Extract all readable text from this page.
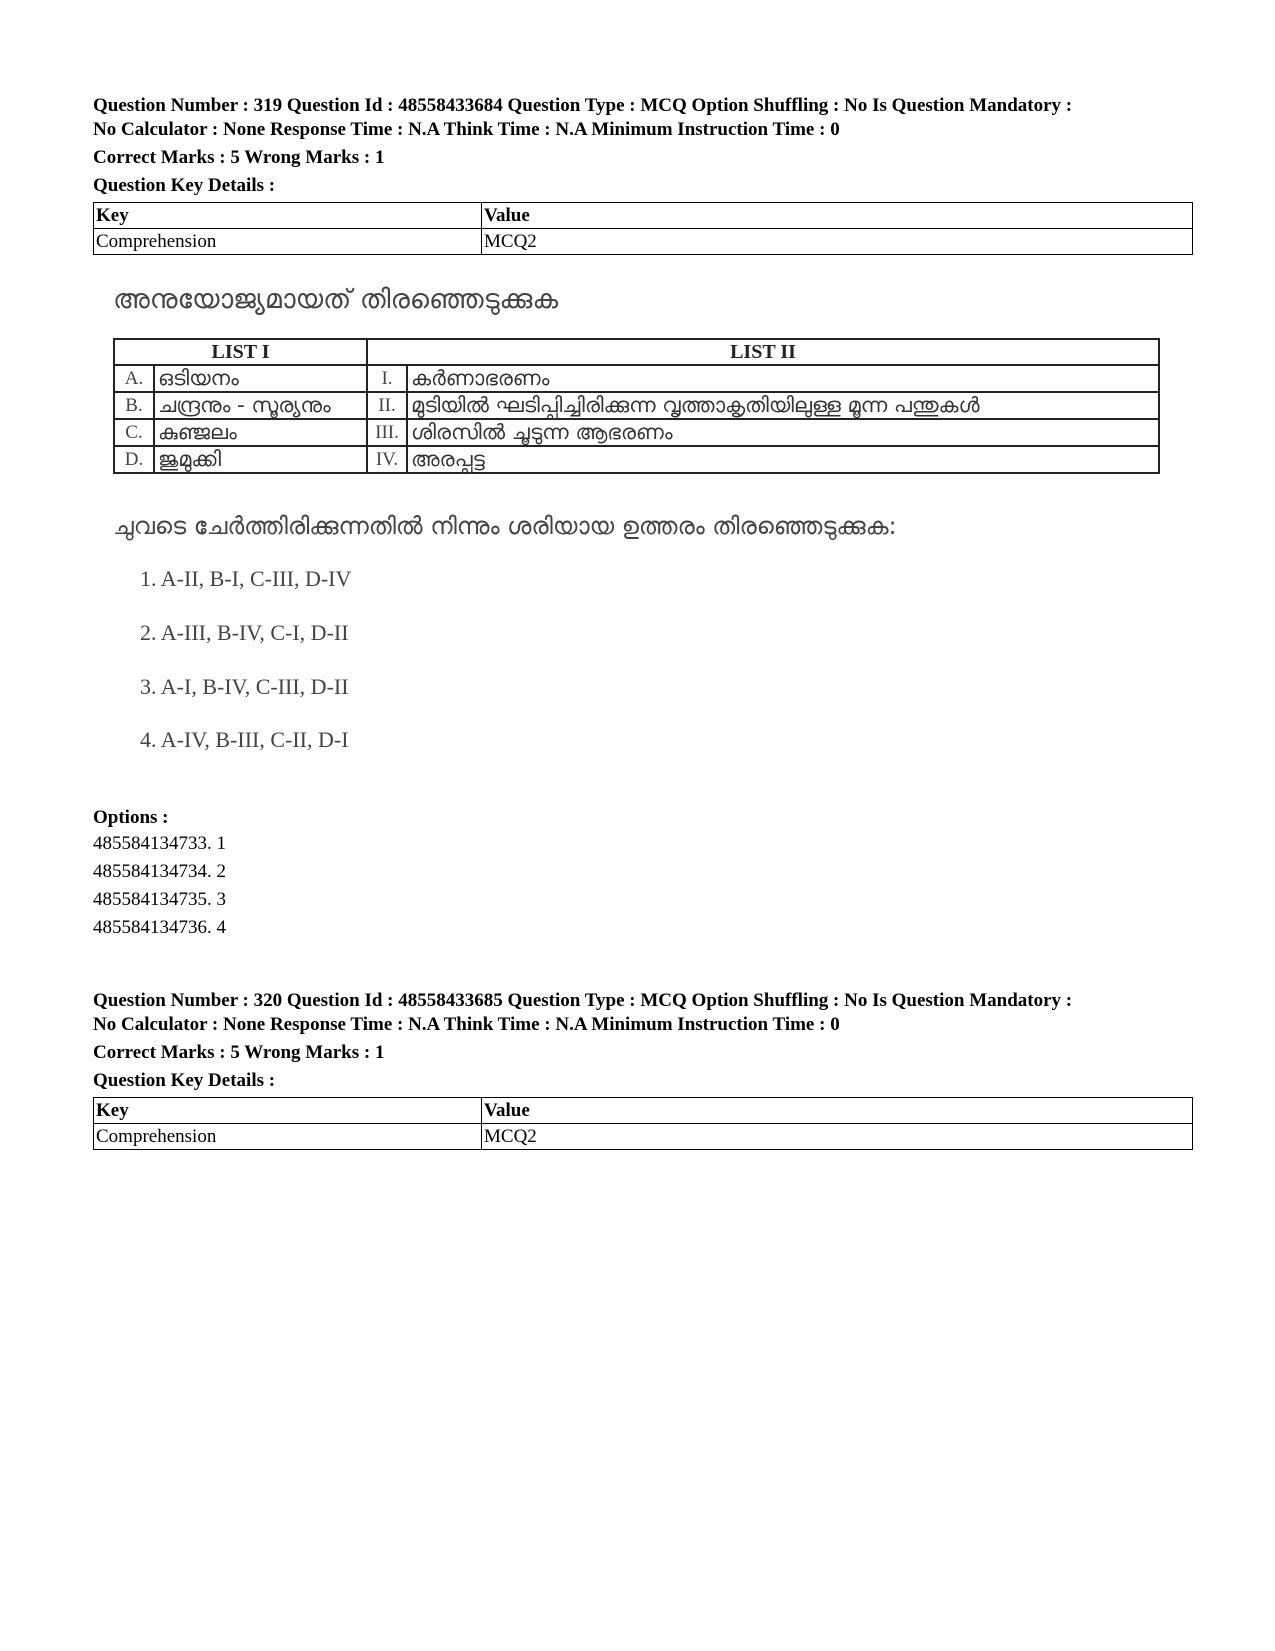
Question Number : 319 Question Id : 48558433684 Question Type : MCQ Option Shuffling : No Is Question Mandatory :
No Calculator : None Response Time : N.A Think Time : N.A Minimum Instruction Time : 0
Correct Marks : 5 Wrong Marks : 1
Question Key Details :
Key	Value
Comprehension	MCQ2
അനുയോജ്യമായത് തിരഞ്ഞെടുക്കുക
LIST I		LIST II	
A.	ഒടിയനം	I.	കർണാഭരണം
B.	ചന്ദ്രനും - സൂര്യനും	II.	മുടിയിൽ ഘടിപ്പിച്ചിരിക്കുന്ന വൃത്താകൃതിയിലുള്ള മൂന്ന പന്തുകൾ
C.	കുഞ്ജലം	III.	ശിരസിൽ ചൂടുന്ന ആഭരണം
D.	ജുമുക്കി	IV.	അരപ്പട്ട
ചുവടെ ചേർത്തിരിക്കുന്നതിൽ നിന്നും ശരിയായ ഉത്തരം തിരഞ്ഞെടുക്കുക:
1. A-II, B-I, C-III, D-IV
2. A-III, B-IV, C-I, D-II
3. A-I, B-IV, C-III, D-II
4. A-IV, B-III, C-II, D-I
Options :
485584134733. 1
485584134734. 2
485584134735. 3
485584134736. 4
Question Number : 320 Question Id : 48558433685 Question Type : MCQ Option Shuffling : No Is Question Mandatory :
No Calculator : None Response Time : N.A Think Time : N.A Minimum Instruction Time : 0
Correct Marks : 5 Wrong Marks : 1
Question Key Details :
Key	Value
Comprehension	MCQ2
